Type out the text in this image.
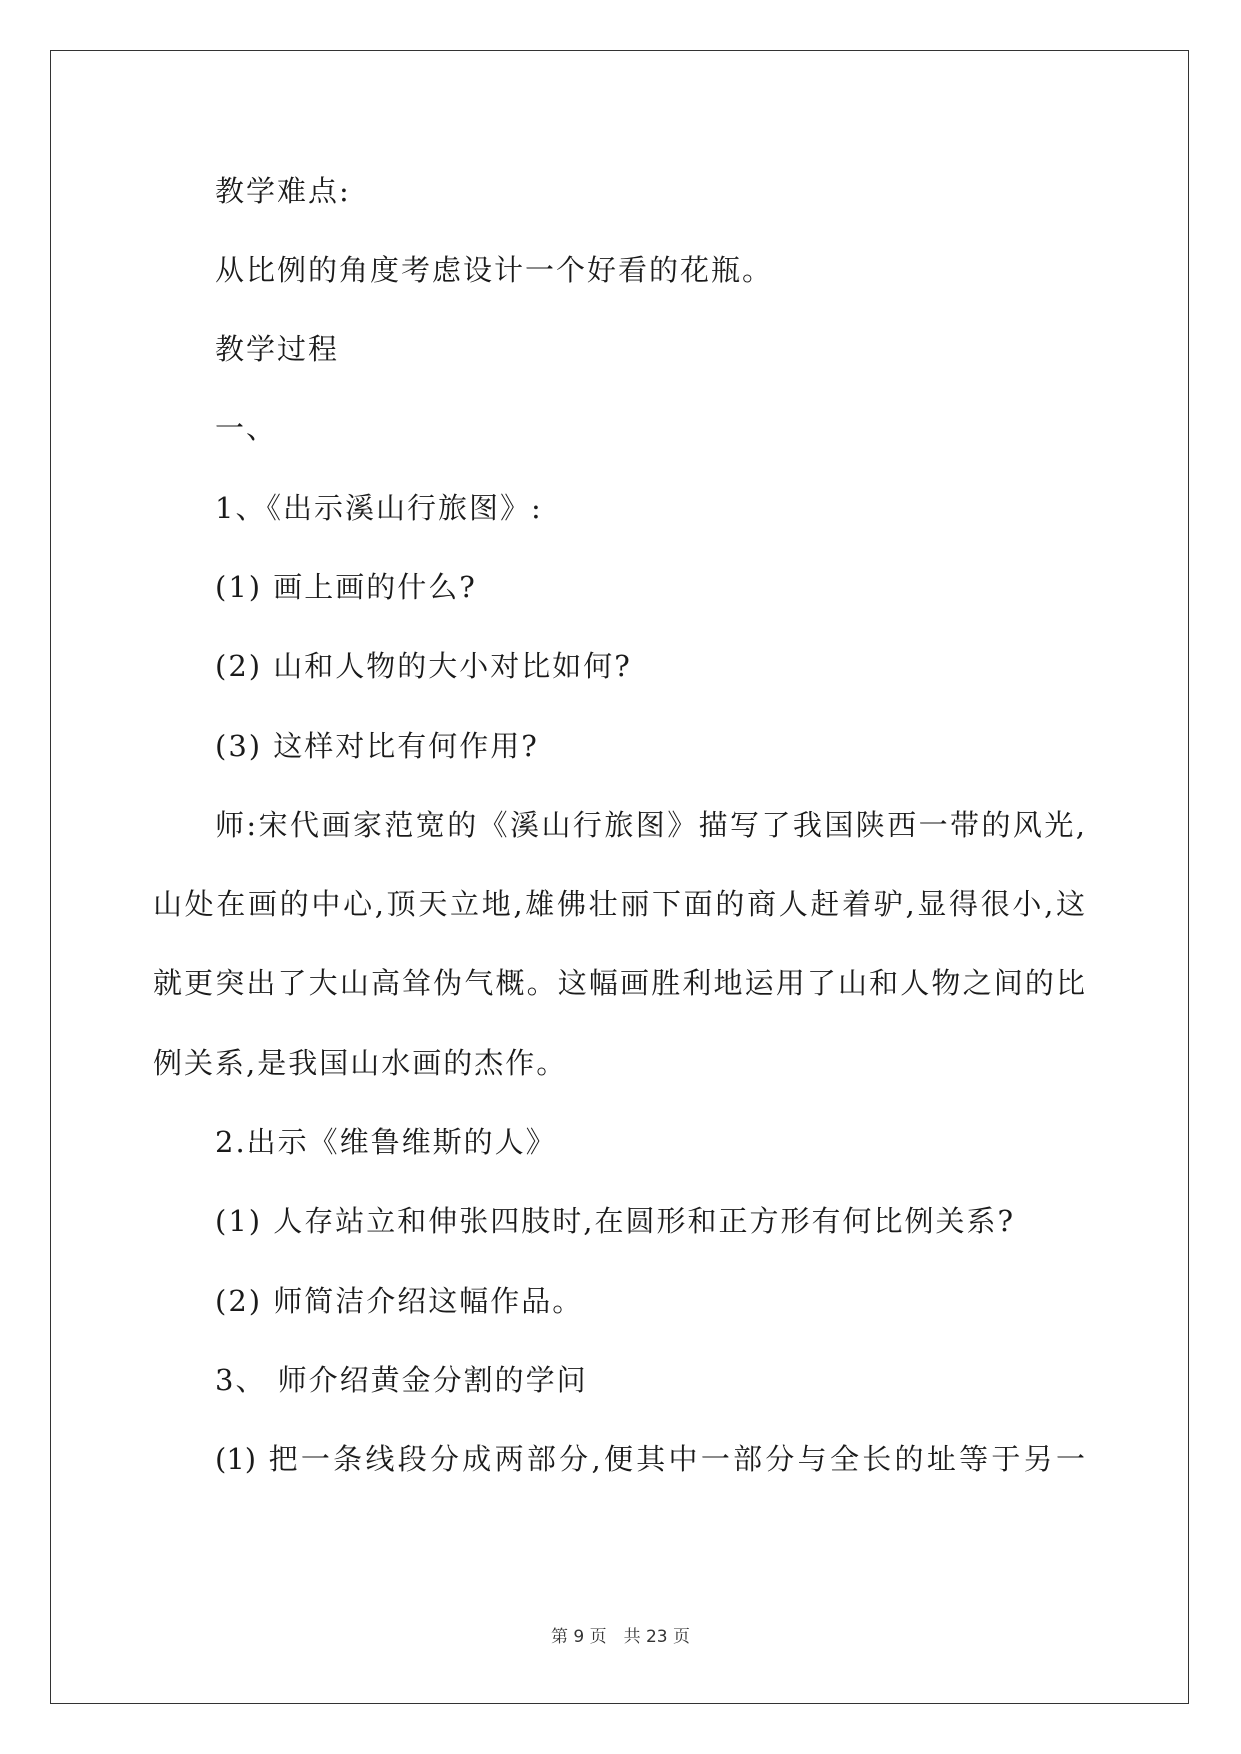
教学难点:
从比例的角度考虑设计一个好看的花瓶。
教学过程
一、
1、《出示溪山行旅图》:
(1) 画上画的什么?
(2) 山和人物的大小对比如何?
(3) 这样对比有何作用?
师:宋代画家范宽的《溪山行旅图》描写了我国陕西一带的风光,
山处在画的中心,顶天立地,雄佛壮丽下面的商人赶着驴,显得很小,这
就更突出了大山高耸伪气概。这幅画胜利地运用了山和人物之间的比
例关系,是我国山水画的杰作。
2.出示《维鲁维斯的人》
(1) 人存站立和伸张四肢时,在圆形和正方形有何比例关系?
(2) 师简洁介绍这幅作品。
3、 师介绍黄金分割的学问
(1) 把一条线段分成两部分,便其中一部分与全长的址等于另一
第 9 页　共 23 页
